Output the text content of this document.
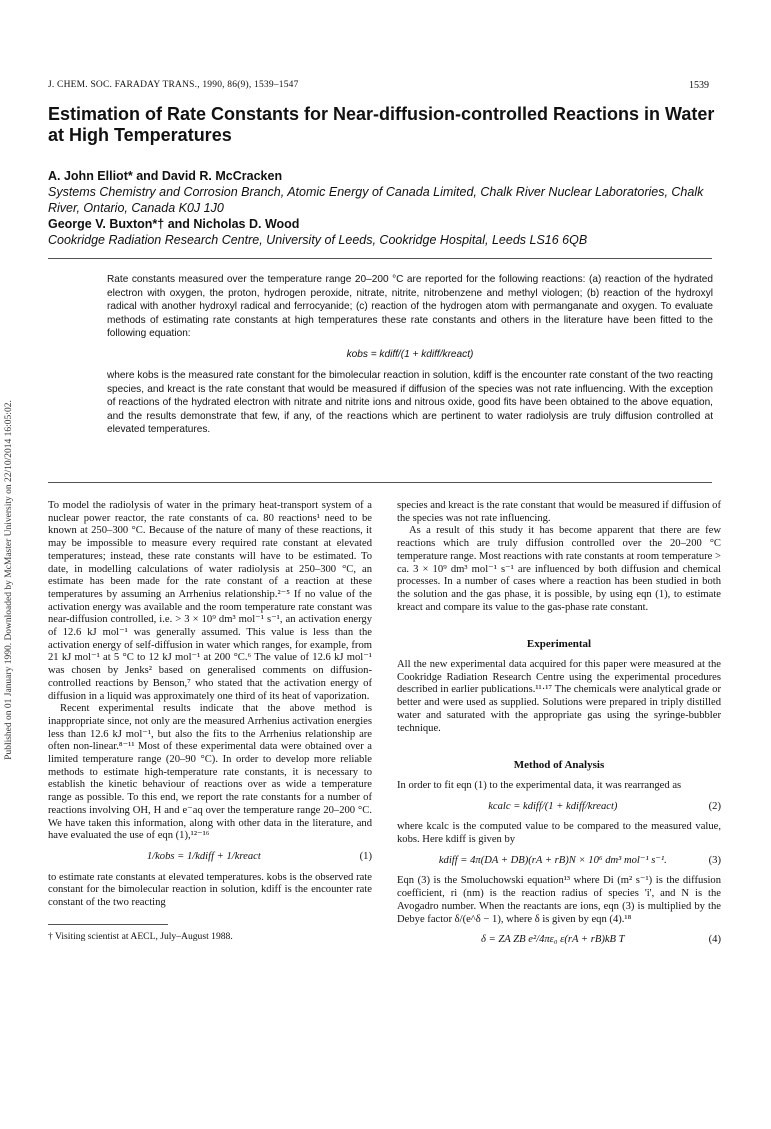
Published on 01 January 1990. Downloaded by McMaster University on 22/10/2014 16:05:02.
J. CHEM. SOC. FARADAY TRANS., 1990, 86(9), 1539–1547	1539
Estimation of Rate Constants for Near-diffusion-controlled Reactions in Water at High Temperatures
A. John Elliot* and David R. McCracken
Systems Chemistry and Corrosion Branch, Atomic Energy of Canada Limited, Chalk River Nuclear Laboratories, Chalk River, Ontario, Canada K0J 1J0
George V. Buxton*† and Nicholas D. Wood
Cookridge Radiation Research Centre, University of Leeds, Cookridge Hospital, Leeds LS16 6QB

Rate constants measured over the temperature range 20–200 °C are reported for the following reactions: (a) reaction of the hydrated electron with oxygen, the proton, hydrogen peroxide, nitrate, nitrite, nitrobenzene and methyl viologen; (b) reaction of the hydroxyl radical with another hydroxyl radical and ferrocyanide; (c) reaction of the hydrogen atom with permanganate and oxygen. To evaluate methods of estimating rate constants at high temperatures these rate constants and others in the literature have been fitted to the following equation:

kobs = kdiff/(1 + kdiff/kreact)

where kobs is the measured rate constant for the bimolecular reaction in solution, kdiff is the encounter rate constant of the two reacting species, and kreact is the rate constant that would be measured if diffusion of the species was not rate influencing. With the exception of reactions of the hydrated electron with nitrate and nitrite ions and nitrous oxide, good fits have been obtained to the above equation, and the results demonstrate that few, if any, of the reactions which are pertinent to water radiolysis are truly diffusion controlled at elevated temperatures.

To model the radiolysis of water in the primary heat-transport system of a nuclear power reactor, the rate constants of ca. 80 reactions¹ need to be known at 250–300 °C. Because of the nature of many of these reactions, it may be impossible to measure every required rate constant at elevated temperatures; instead, these rate constants will have to be estimated. To date, in modelling calculations of water radiolysis at 250–300 °C, an estimate has been made for the rate constant of a reaction at these temperatures by assuming an Arrhenius relationship.²⁻⁵ If no value of the activation energy was available and the room temperature rate constant was near-diffusion controlled, i.e. > 3 × 10⁹ dm³ mol⁻¹ s⁻¹, an activation energy of 12.6 kJ mol⁻¹ was generally assumed. This value is less than the activation energy of self-diffusion in water which ranges, for example, from 21 kJ mol⁻¹ at 5 °C to 12 kJ mol⁻¹ at 200 °C.⁶ The value of 12.6 kJ mol⁻¹ was chosen by Jenks² based on generalised comments on diffusion-controlled reactions by Benson,⁷ who stated that the activation energy of diffusion in a liquid was approximately one third of its heat of vaporization.

Recent experimental results indicate that the above method is inappropriate since, not only are the measured Arrhenius activation energies less than 12.6 kJ mol⁻¹, but also the fits to the Arrhenius relationship are often non-linear.⁸⁻¹¹ Most of these experimental data were obtained over a limited temperature range (20–90 °C). In order to develop more reliable methods to estimate high-temperature rate constants, it is necessary to establish the kinetic behaviour of reactions over as wide a temperature range as possible. To this end, we report the rate constants for a number of reactions involving OH, H and e⁻aq over the temperature range 20–200 °C. We have taken this information, along with other data in the literature, and have evaluated the use of eqn (1),¹²⁻¹⁶

1/kobs = 1/kdiff + 1/kreact	(1)

to estimate rate constants at elevated temperatures. kobs is the observed rate constant for the bimolecular reaction in solution, kdiff is the encounter rate constant of the two reacting

† Visiting scientist at AECL, July–August 1988.

species and kreact is the rate constant that would be measured if diffusion of the species was not rate influencing.

As a result of this study it has become apparent that there are few reactions which are truly diffusion controlled over the 20–200 °C temperature range. Most reactions with rate constants at room temperature > ca. 3 × 10⁹ dm³ mol⁻¹ s⁻¹ are influenced by both diffusion and chemical processes. In a number of cases where a reaction has been studied in both the solution and the gas phase, it is possible, by using eqn (1), to estimate kreact and compare its value to the gas-phase rate constant.

Experimental

All the new experimental data acquired for this paper were measured at the Cookridge Radiation Research Centre using the experimental procedures described in earlier publications.¹¹·¹⁷ The chemicals were analytical grade or better and were used as supplied. Solutions were prepared in triply distilled water and saturated with the appropriate gas using the syringe-bubbler technique.

Method of Analysis

In order to fit eqn (1) to the experimental data, it was rearranged as

kcalc = kdiff/(1 + kdiff/kreact)	(2)

where kcalc is the computed value to be compared to the measured value, kobs. Here kdiff is given by

kdiff = 4π(DA + DB)(rA + rB)N × 10⁶ dm³ mol⁻¹ s⁻¹.	(3)

Eqn (3) is the Smoluchowski equation¹³ where Di (m² s⁻¹) is the diffusion coefficient, ri (nm) is the reaction radius of species 'i', and N is the Avogadro number. When the reactants are ions, eqn (3) is multiplied by the Debye factor δ/(e^δ − 1), where δ is given by eqn (4).¹⁸

δ = ZA ZB e²/4πε₀ ε(rA + rB)kB T	(4)
